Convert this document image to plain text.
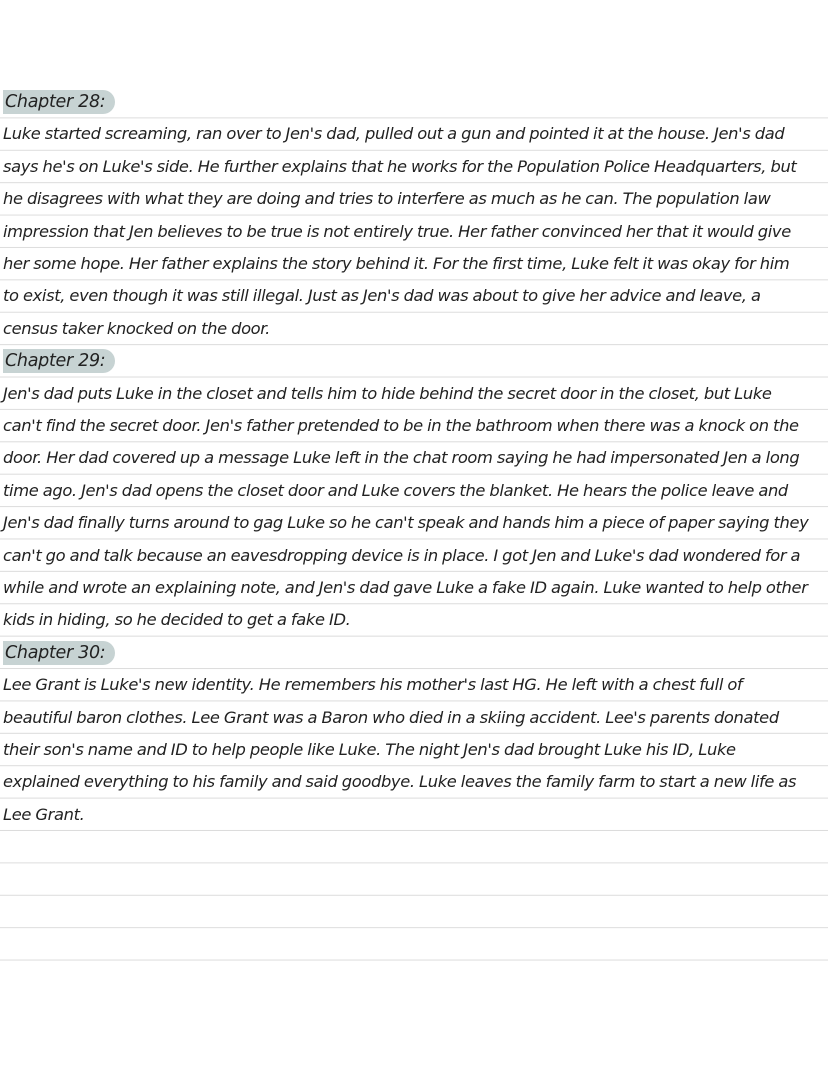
Chapter 28:

Luke started screaming, ran over to Jen's dad, pulled out a gun and pointed it at the house. Jen's dad says he's on Luke's side. He further explains that he works for the Population Police Headquarters, but he disagrees with what they are doing and tries to interfere as much as he can. The population law impression that Jen believes to be true is not entirely true. Her father convinced her that it would give her some hope. Her father explains the story behind it. For the first time, Luke felt it was okay for him to exist, even though it was still illegal. Just as Jen's dad was about to give her advice and leave, a census taker knocked on the door.

Chapter 29:

Jen's dad puts Luke in the closet and tells him to hide behind the secret door in the closet, but Luke can't find the secret door. Jen's father pretended to be in the bathroom when there was a knock on the door. Her dad covered up a message Luke left in the chat room saying he had impersonated Jen a long time ago. Jen's dad opens the closet door and Luke covers the blanket. He hears the police leave and Jen's dad finally turns around to gag Luke so he can't speak and hands him a piece of paper saying they can't go and talk because an eavesdropping device is in place. I got Jen and Luke's dad wondered for a while and wrote an explaining note, and Jen's dad gave Luke a fake ID again. Luke wanted to help other kids in hiding, so he decided to get a fake ID.

Chapter 30:

Lee Grant is Luke's new identity. He remembers his mother's last HG. He left with a chest full of beautiful baron clothes. Lee Grant was a Baron who died in a skiing accident. Lee's parents donated their son's name and ID to help people like Luke. The night Jen's dad brought Luke his ID, Luke explained everything to his family and said goodbye. Luke leaves the family farm to start a new life as Lee Grant.
